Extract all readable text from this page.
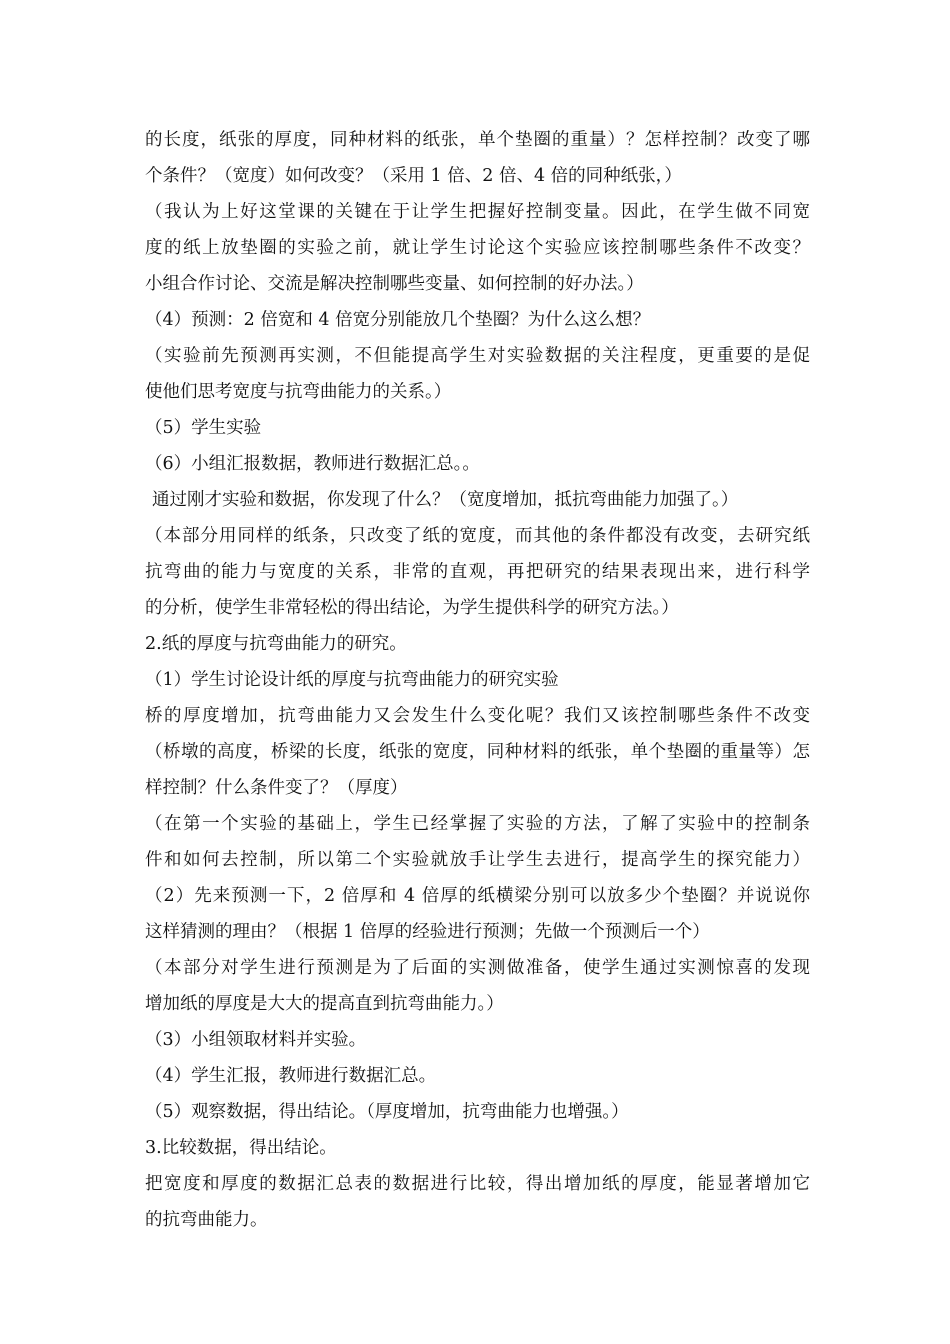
的长度，纸张的厚度，同种材料的纸张，单个垫圈的重量）？怎样控制？改变了哪
个条件？（宽度）如何改变？（采用 1 倍、2 倍、4 倍的同种纸张，）
（我认为上好这堂课的关键在于让学生把握好控制变量。因此，在学生做不同宽
度的纸上放垫圈的实验之前，就让学生讨论这个实验应该控制哪些条件不改变？
小组合作讨论、交流是解决控制哪些变量、如何控制的好办法。）
（4）预测：2 倍宽和 4 倍宽分别能放几个垫圈？为什么这么想？
（实验前先预测再实测，不但能提高学生对实验数据的关注程度，更重要的是促
使他们思考宽度与抗弯曲能力的关系。）
（5）学生实验
（6）小组汇报数据，教师进行数据汇总。。
通过刚才实验和数据，你发现了什么？（宽度增加，抵抗弯曲能力加强了。）
（本部分用同样的纸条，只改变了纸的宽度，而其他的条件都没有改变，去研究纸
抗弯曲的能力与宽度的关系，非常的直观，再把研究的结果表现出来，进行科学
的分析，使学生非常轻松的得出结论，为学生提供科学的研究方法。）
2.纸的厚度与抗弯曲能力的研究。
（1）学生讨论设计纸的厚度与抗弯曲能力的研究实验
桥的厚度增加，抗弯曲能力又会发生什么变化呢？我们又该控制哪些条件不改变
（桥墩的高度，桥梁的长度，纸张的宽度，同种材料的纸张，单个垫圈的重量等）怎
样控制？什么条件变了？（厚度）
（在第一个实验的基础上，学生已经掌握了实验的方法，了解了实验中的控制条
件和如何去控制，所以第二个实验就放手让学生去进行，提高学生的探究能力）
（2）先来预测一下，2 倍厚和 4 倍厚的纸横梁分别可以放多少个垫圈？并说说你
这样猜测的理由？（根据 1 倍厚的经验进行预测；先做一个预测后一个）
（本部分对学生进行预测是为了后面的实测做准备，使学生通过实测惊喜的发现
增加纸的厚度是大大的提高直到抗弯曲能力。）
（3）小组领取材料并实验。
（4）学生汇报，教师进行数据汇总。
（5）观察数据，得出结论。（厚度增加，抗弯曲能力也增强。）
3.比较数据，得出结论。
把宽度和厚度的数据汇总表的数据进行比较，得出增加纸的厚度，能显著增加它
的抗弯曲能力。
